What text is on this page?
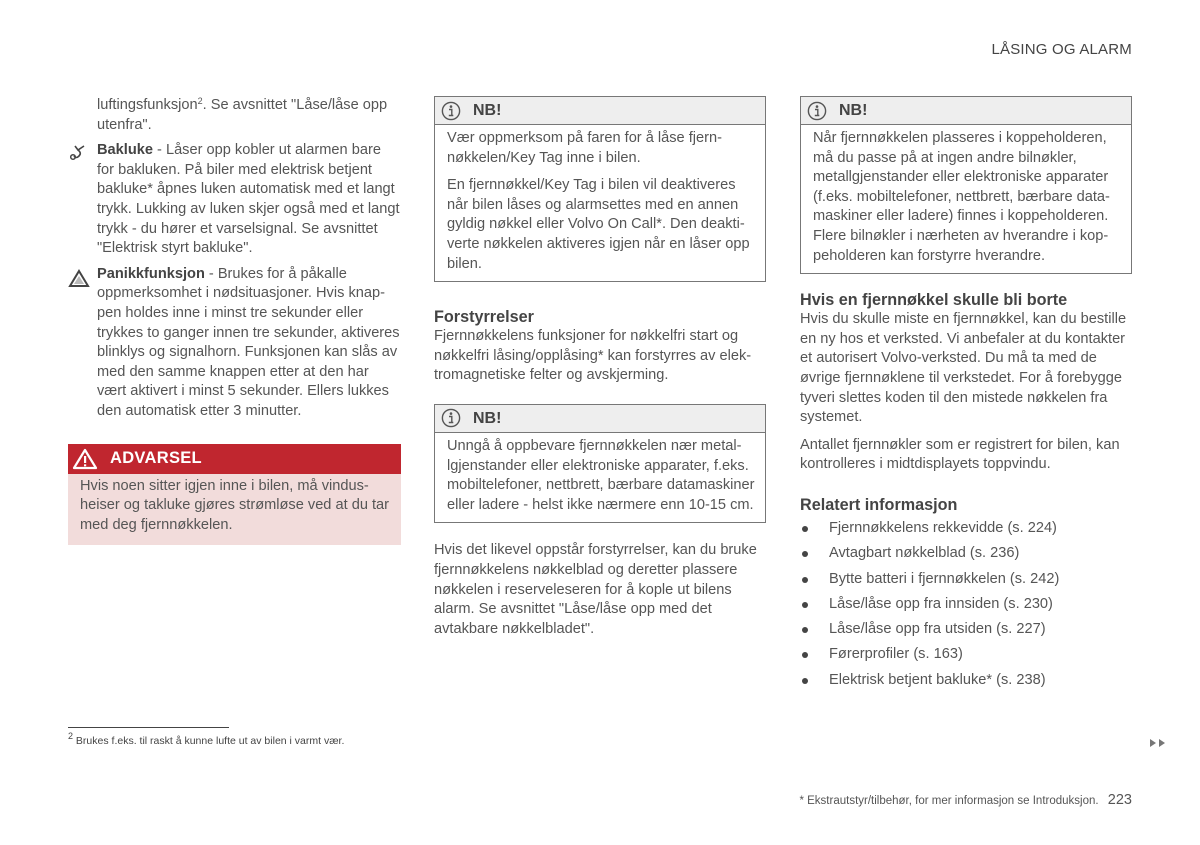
LÅSING OG ALARM

luftingsfunksjon$^2$. Se avsnittet "Låse/låse opp utenfra".

Bakluke - Låser opp kobler ut alarmen bare for bakluken. På biler med elektrisk betjent bakluke* åpnes luken automatisk med et langt trykk. Lukking av luken skjer også med et langt trykk - du hører et varselsignal. Se avsnittet "Elektrisk styrt bakluke".
Panikkfunksjon - Brukes for å påkalle oppmerksomhet i nødsituasjoner. Hvis knappen holdes inne i minst tre sekunder eller trykkes to ganger innen tre sekunder, aktiveres blinklys og signalhorn. Funksjonen kan slås av med den samme knappen etter at den har vært aktivert i minst 5 sekunder. Ellers lukkes den automatisk etter 3 minutter.
ADVARSEL
Hvis noen sitter igjen inne i bilen, må vindusheiser og takluke gjøres strømløse ved at du tar med deg fjernnøkkelen.
NB!

Vær oppmerksom på faren for å låse fjernnøkkelen/Key Tag inne i bilen.

En fjernnøkkel/Key Tag i bilen vil deaktiveres når bilen låses og alarmsettes med en annen gyldig nøkkel eller Volvo On Call*. Den deaktiverte nøkkelen aktiveres igjen når en låser opp bilen.

Forstyrrelser

Fjernnøkkelens funksjoner for nøkkelfri start og nøkkelfri låsing/opplåsing* kan forstyrres av elektromagnetiske felter og avskjerming.

NB!

Unngå å oppbevare fjernnøkkelen nær metallgjenstander eller elektroniske apparater, f.eks. mobiltelefoner, nettbrett, bærbare datamaskiner eller ladere - helst ikke nærmere enn 10-15 cm.

Hvis det likevel oppstår forstyrrelser, kan du bruke fjernnøkkelens nøkkelblad og deretter plassere nøkkelen i reserveleseren for å kople ut bilens alarm. Se avsnittet "Låse/låse opp med det avtakbare nøkkelbladet".

NB!

Når fjernnøkkelen plasseres i koppeholderen, må du passe på at ingen andre bilnøkler, metallgjenstander eller elektroniske apparater (f.eks. mobiltelefoner, nettbrett, bærbare datamaskiner eller ladere) finnes i koppeholderen. Flere bilnøkler i nærheten av hverandre i koppeholderen kan forstyrre hverandre.

Hvis en fjernnøkkel skulle bli borte

Hvis du skulle miste en fjernnøkkel, kan du bestille en ny hos et verksted. Vi anbefaler at du kontakter et autorisert Volvo-verksted. Du må ta med de øvrige fjernnøklene til verkstedet. For å forebygge tyveri slettes koden til den mistede nøkkelen fra systemet.

Antallet fjernnøkler som er registrert for bilen, kan kontrolleres i midtdisplayets toppvindu.

Relatert informasjon
Fjernnøkkelens rekkevidde (s. 224)
Avtagbart nøkkelblad (s. 236)
Bytte batteri i fjernnøkkelen (s. 242)
Låse/låse opp fra innsiden (s. 230)
Låse/låse opp fra utsiden (s. 227)
Førerprofiler (s. 163)
Elektrisk betjent bakluke* (s. 238)
$^2$ Brukes f.eks. til raskt å kunne lufte ut av bilen i varmt vær.
* Ekstrautstyr/tilbehør, for mer informasjon se Introduksjon. 223
